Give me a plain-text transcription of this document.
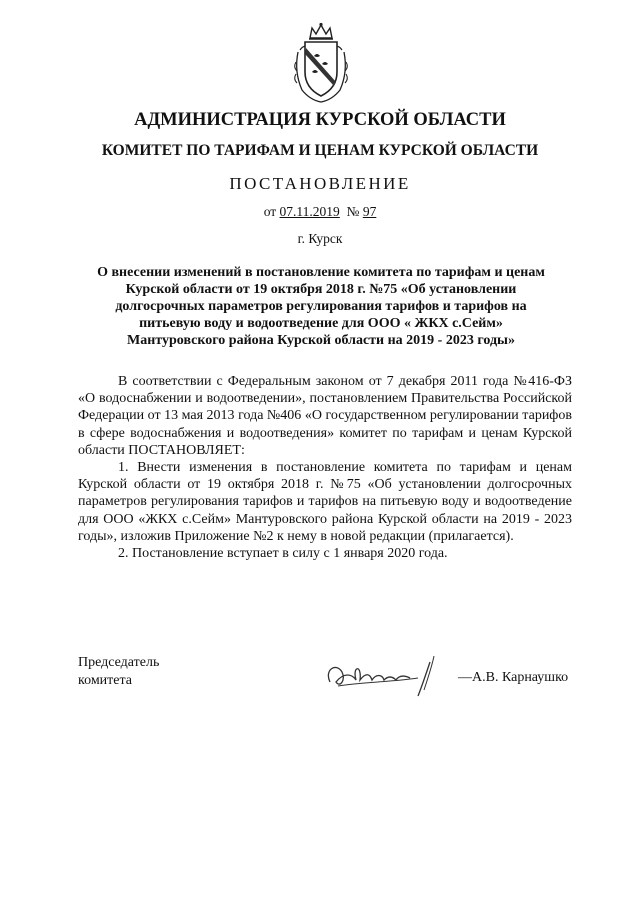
АДМИНИСТРАЦИЯ КУРСКОЙ ОБЛАСТИ
КОМИТЕТ ПО ТАРИФАМ И ЦЕНАМ КУРСКОЙ ОБЛАСТИ
ПОСТАНОВЛЕНИЕ
от 07.11.2019 № 97
г. Курск
О внесении изменений в постановление комитета по тарифам и ценам
Курской области от 19 октября 2018 г. №75 «Об установлении
долгосрочных параметров регулирования тарифов и тарифов на
питьевую воду и водоотведение для ООО « ЖКХ с.Сейм»
Мантуровского района Курской области на 2019 - 2023 годы»

В соответствии с Федеральным законом от 7 декабря 2011 года №416-ФЗ «О водоснабжении и водоотведении», постановлением Правительства Российской Федерации от 13 мая 2013 года №406 «О государственном регулировании тарифов в сфере водоснабжения и водоотведения» комитет по тарифам и ценам Курской области ПОСТАНОВЛЯЕТ:

1. Внести изменения в постановление комитета по тарифам и ценам Курской области от 19 октября 2018 г. №75 «Об установлении долгосрочных параметров регулирования тарифов и тарифов на питьевую воду и водоотведение для ООО «ЖКХ с.Сейм» Мантуровского района Курской области на 2019 - 2023 годы», изложив Приложение №2 к нему в новой редакции (прилагается).

2. Постановление вступает в силу с 1 января 2020 года.

Председатель
комитета	—А.В. Карнаушко
